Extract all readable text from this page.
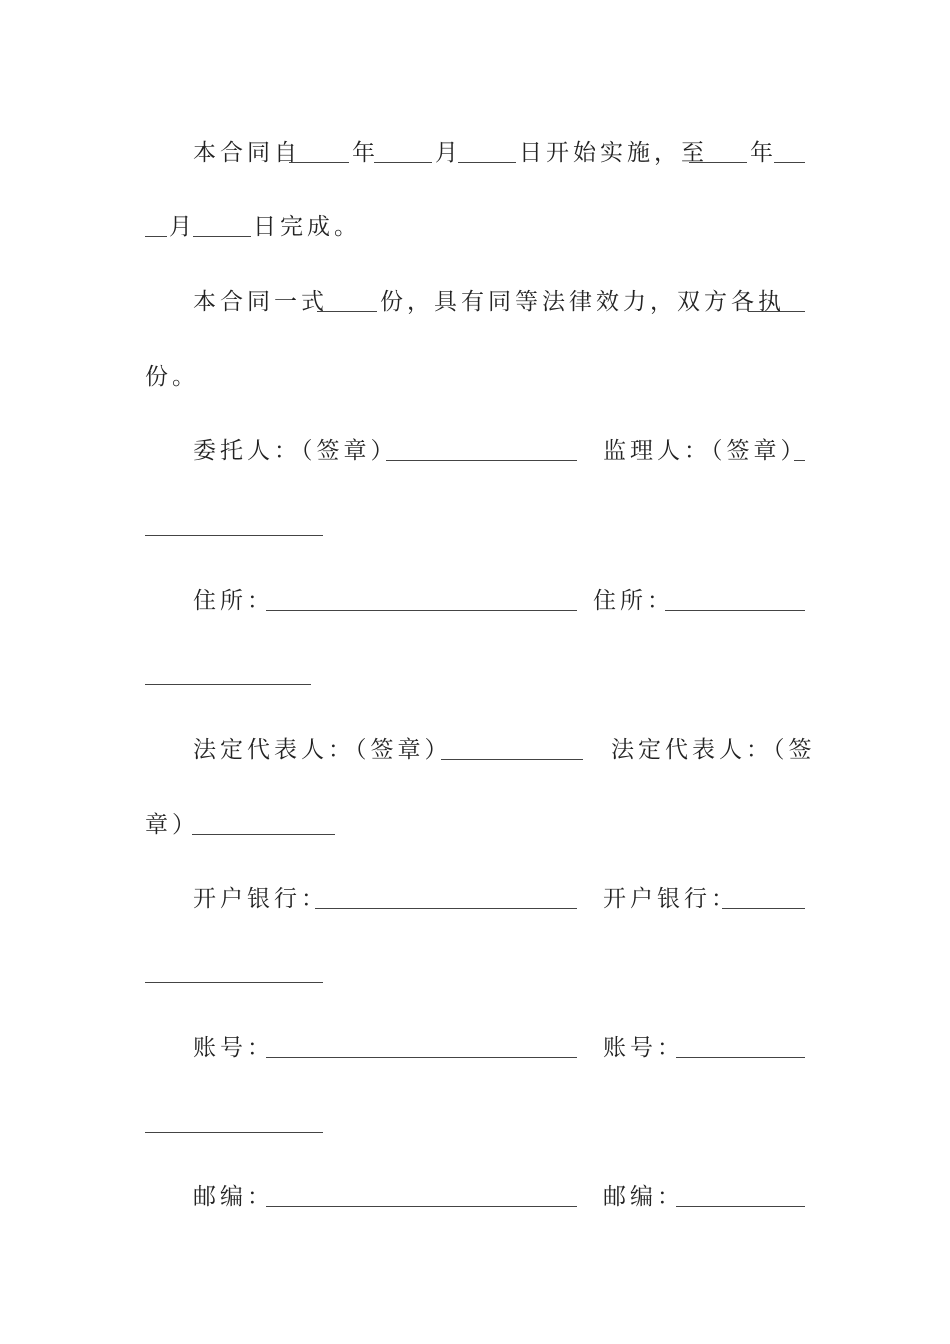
本合同自 年 月 日开始实施，至 年
月 日完成。
本合同一式 份，具有同等法律效力，双方各执
份。
委托人：（签章）	监理人：（签章）
住所：	住所：
法定代表人：（签章）	法定代表人：（签
章）
开户银行：	开户银行：
账号：	账号：
邮编：	邮编：
